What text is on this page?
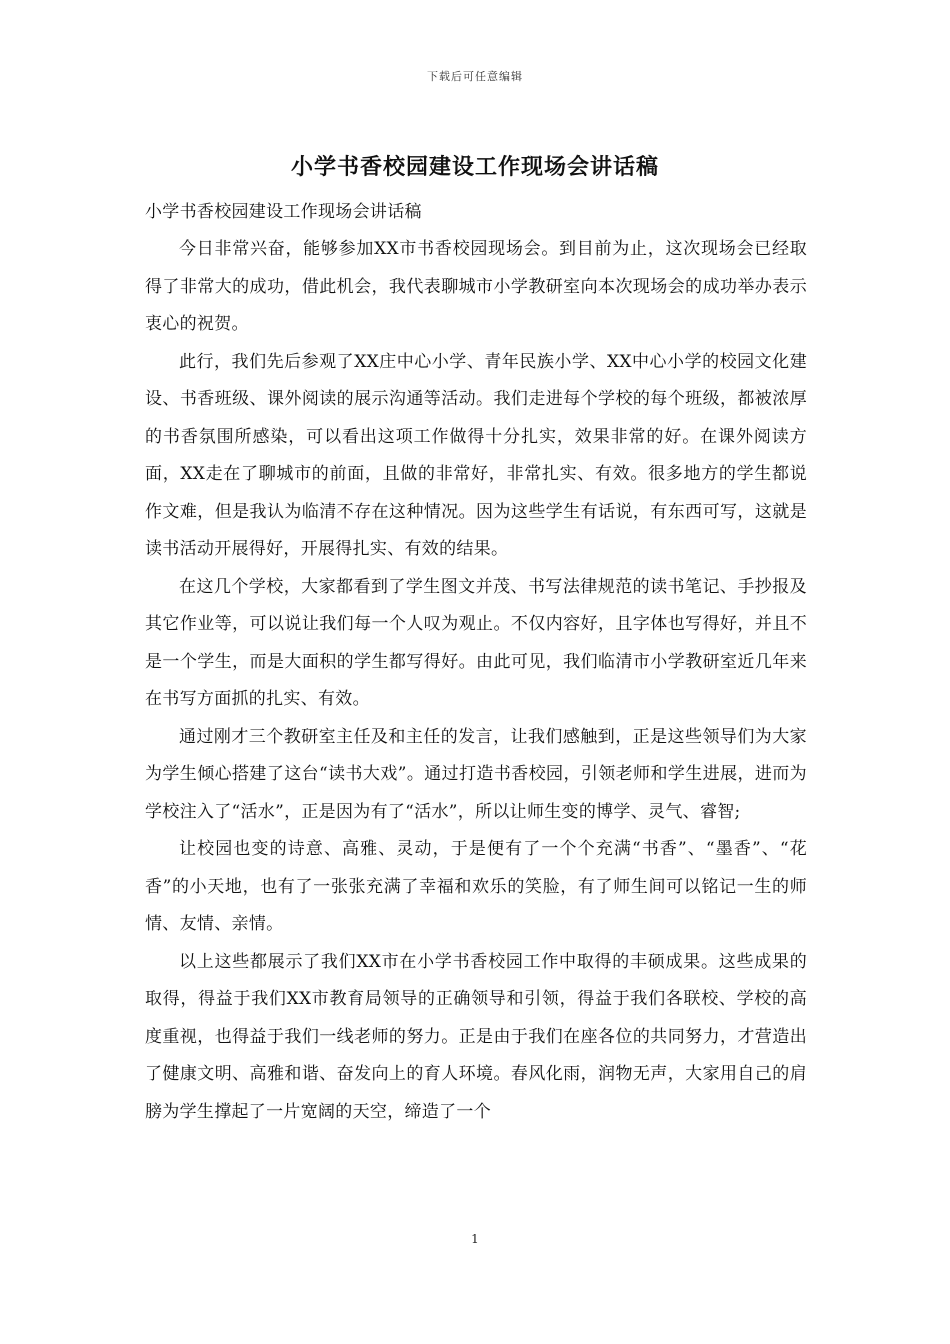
下载后可任意编辑
小学书香校园建设工作现场会讲话稿

小学书香校园建设工作现场会讲话稿

今日非常兴奋，能够参加XX市书香校园现场会。到目前为止，这次现场会已经取得了非常大的成功，借此机会，我代表聊城市小学教研室向本次现场会的成功举办表示衷心的祝贺。

此行，我们先后参观了XX庄中心小学、青年民族小学、XX中心小学的校园文化建设、书香班级、课外阅读的展示沟通等活动。我们走进每个学校的每个班级，都被浓厚的书香氛围所感染，可以看出这项工作做得十分扎实，效果非常的好。在课外阅读方面，XX走在了聊城市的前面，且做的非常好，非常扎实、有效。很多地方的学生都说作文难，但是我认为临清不存在这种情况。因为这些学生有话说，有东西可写，这就是读书活动开展得好，开展得扎实、有效的结果。

在这几个学校，大家都看到了学生图文并茂、书写法律规范的读书笔记、手抄报及其它作业等，可以说让我们每一个人叹为观止。不仅内容好，且字体也写得好，并且不是一个学生，而是大面积的学生都写得好。由此可见，我们临清市小学教研室近几年来在书写方面抓的扎实、有效。

通过刚才三个教研室主任及和主任的发言，让我们感触到，正是这些领导们为大家为学生倾心搭建了这台“读书大戏”。通过打造书香校园，引领老师和学生进展，进而为学校注入了“活水”，正是因为有了“活水”，所以让师生变的博学、灵气、睿智;

让校园也变的诗意、高雅、灵动，于是便有了一个个充满“书香”、“墨香”、“花香”的小天地，也有了一张张充满了幸福和欢乐的笑脸，有了师生间可以铭记一生的师情、友情、亲情。

以上这些都展示了我们XX市在小学书香校园工作中取得的丰硕成果。这些成果的取得，得益于我们XX市教育局领导的正确领导和引领，得益于我们各联校、学校的高度重视，也得益于我们一线老师的努力。正是由于我们在座各位的共同努力，才营造出了健康文明、高雅和谐、奋发向上的育人环境。春风化雨，润物无声，大家用自己的肩膀为学生撑起了一片宽阔的天空，缔造了一个

1
